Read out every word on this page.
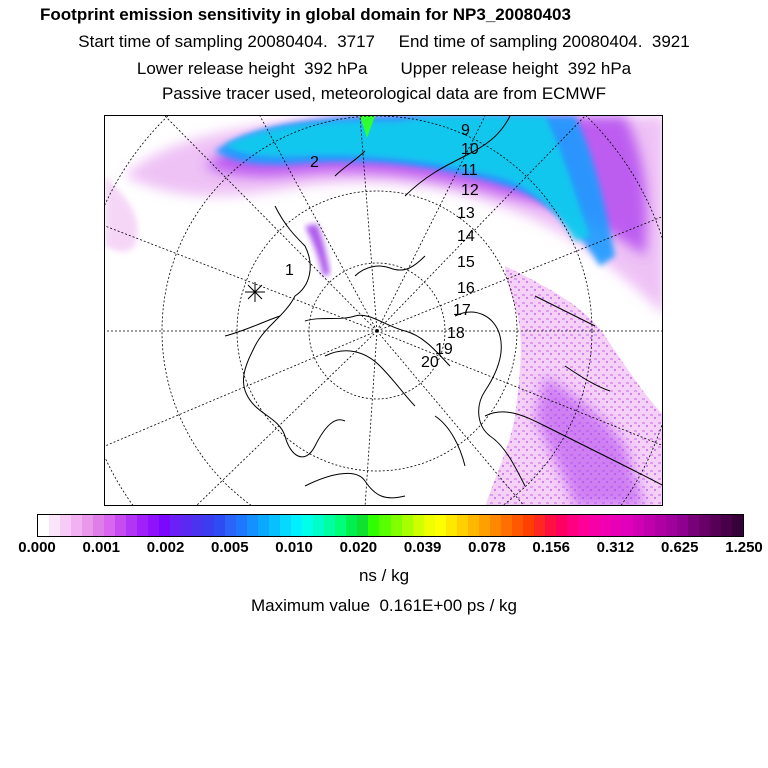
Footprint emission sensitivity in global domain for NP3_20080403
Start time of sampling 20080404.  3717     End time of sampling 20080404.  3921
Lower release height  392 hPa       Upper release height  392 hPa
Passive tracer used, meteorological data are from ECMWF
1
2
9
10
11
12
13
14
15
16
17
18
19
20
0.000 0.001 0.002 0.005 0.010 0.020 0.039 0.078 0.156 0.312 0.625 1.250
ns / kg
Maximum value  0.161E+00 ps / kg
